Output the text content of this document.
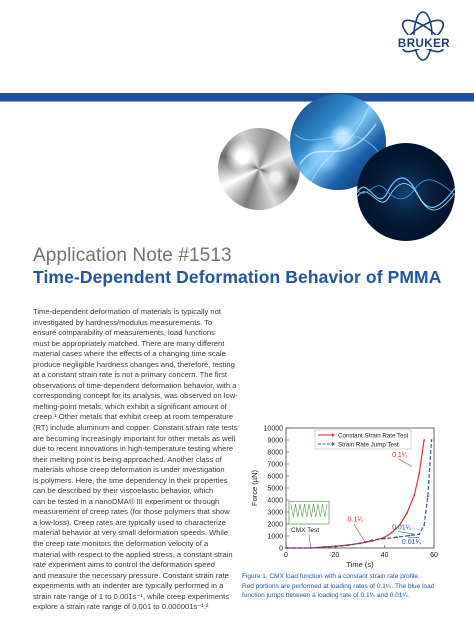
BRUKER
Application Note #1513
Time-Dependent Deformation Behavior of PMMA
Time-dependent deformation of materials is typically not
investigated by hardness/modulus measurements. To
ensure comparability of measurements, load functions
must be appropriately matched. There are many different
material cases where the effects of a changing time scale
produce negligible hardness changes and, therefore, testing
at a constant strain rate is not a primary concern. The first
observations of time-dependent deformation behavior, with a
corresponding concept for its analysis, was observed on low-
melting-point metals, which exhibit a significant amount of
creep.¹ Other metals that exhibit creep at room temperature
(RT) include aluminum and copper. Constant strain rate tests
are becoming increasingly important for other metals as well
due to recent innovations in high-temperature testing where
their melting point is being approached. Another class of
materials whose creep deformation is under investigation
is polymers. Here, the time dependency in their properties
can be described by their viscoelastic behavior, which
can be tested in a nanoDMA® III experiment or through
measurement of creep rates (for those polymers that show
a low-loss). Creep rates are typically used to characterize
material behavior at very small deformation speeds. While
the creep rate monitors the deformation velocity of a
material with respect to the applied stress, a constant strain
rate experiment aims to control the deformation speed
and measure the necessary pressure. Constant strain rate
experiments with an indenter are typically performed in a
strain rate range of 1 to 0.001s⁻¹, while creep experiments
explore a strain rate range of 0.001 to 0.000001s⁻¹.²
0
1000
2000
3000
4000
5000
6000
7000
8000
9000
10000
0	20	40	60
Time (s)
Force (µN)
CMX Test
Constant Strain Rate Test
Strain Rate Jump Test
0.1¹⁄ₛ
0.1¹⁄ₛ
0.01¹⁄ₛ
0.01¹⁄ₛ
Figure 1. CMX load function with a constant strain rate profile.
Red portions are performed at loading rates of 0.1¹⁄ₛ. The blue load
function jumps between a loading rate of 0.1¹⁄ₛ and 0.01¹⁄ₛ.
